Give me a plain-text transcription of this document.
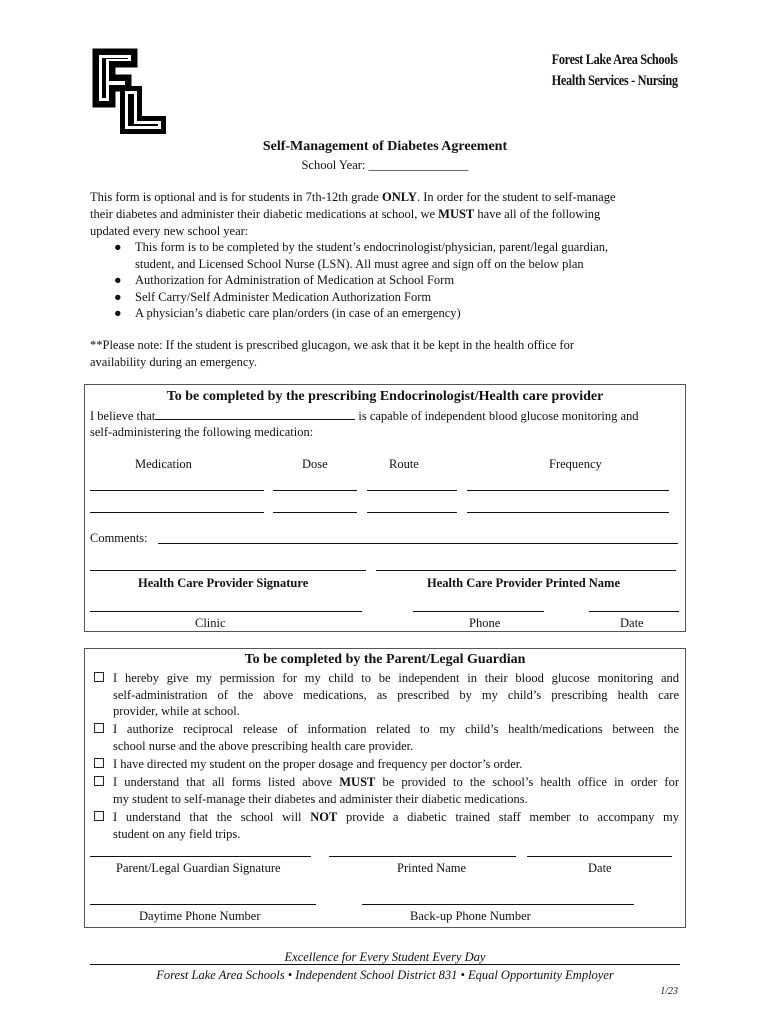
FL
Forest Lake Area Schools
Health Services - Nursing
Self-Management of Diabetes Agreement
School Year: ________________
This form is optional and is for students in 7th-12th grade ONLY. In order for the student to self-manage
their diabetes and administer their diabetic medications at school, we MUST have all of the following
updated every new school year:
● This form is to be completed by the student’s endocrinologist/physician, parent/legal guardian,
student, and Licensed School Nurse (LSN). All must agree and sign off on the below plan
● Authorization for Administration of Medication at School Form
● Self Carry/Self Administer Medication Authorization Form
● A physician’s diabetic care plan/orders (in case of an emergency)
**Please note: If the student is prescribed glucagon, we ask that it be kept in the health office for
availability during an emergency.
To be completed by the prescribing Endocrinologist/Health care provider
I believe that	is capable of independent blood glucose monitoring and
self-administering the following medication:
Medication	Dose	Route	Frequency
Comments:
Health Care Provider Signature	Health Care Provider Printed Name
Clinic	Phone	Date
To be completed by the Parent/Legal Guardian
I hereby give my permission for my child to be independent in their blood glucose monitoring and
self-administration of the above medications, as prescribed by my child’s prescribing health care
provider, while at school.
I authorize reciprocal release of information related to my child’s health/medications between the
school nurse and the above prescribing health care provider.
I have directed my student on the proper dosage and frequency per doctor’s order.
I understand that all forms listed above MUST be provided to the school’s health office in order for
my student to self-manage their diabetes and administer their diabetic medications.
I understand that the school will NOT provide a diabetic trained staff member to accompany my
student on any field trips.
Parent/Legal Guardian Signature	Printed Name	Date
Daytime Phone Number	Back-up Phone Number
Excellence for Every Student Every Day
Forest Lake Area Schools • Independent School District 831 • Equal Opportunity Employer
1/23
